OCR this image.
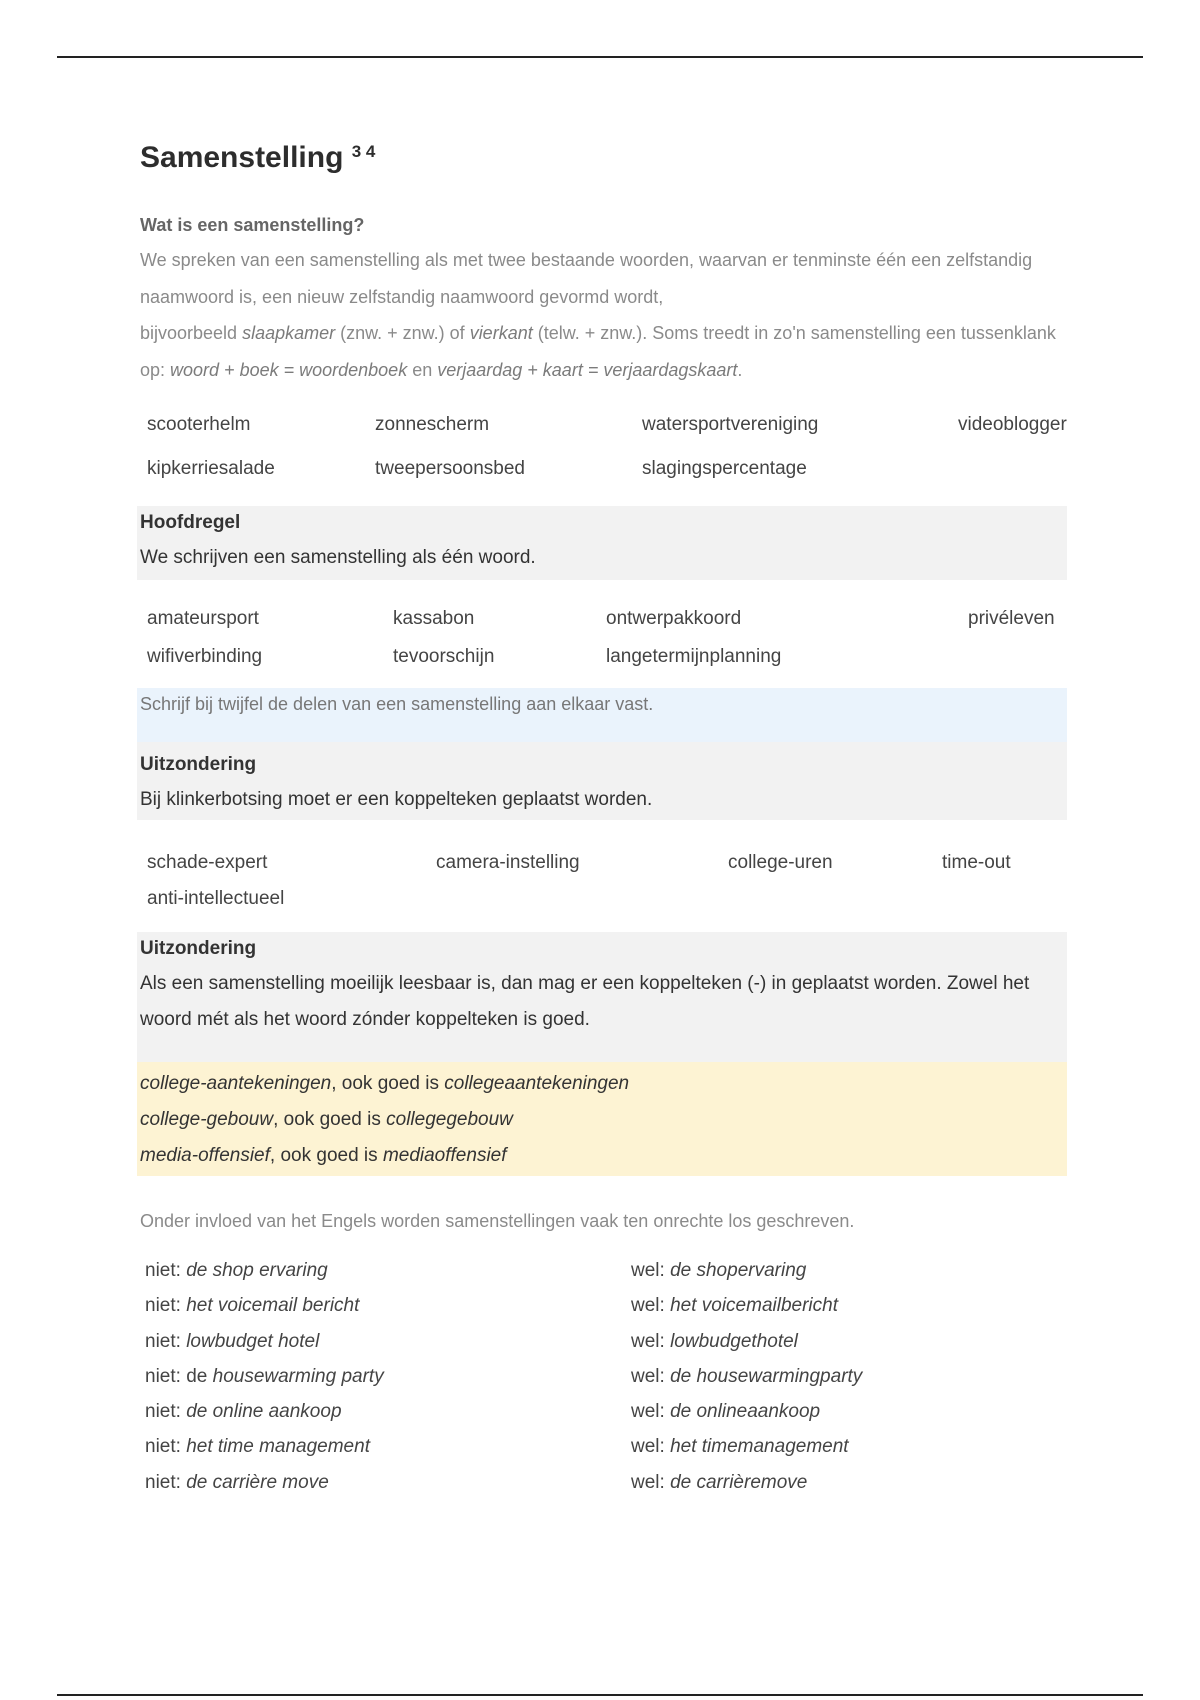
Samenstelling $^{3 4}$
Wat is een samenstelling?
We spreken van een samenstelling als met twee bestaande woorden, waarvan er tenminste één een zelfstandig naamwoord is, een nieuw zelfstandig naamwoord gevormd wordt,
bijvoorbeeld slaapkamer (znw. + znw.) of vierkant (telw. + znw.). Soms treedt in zo'n samenstelling een tussenklank op: woord + boek = woordenboek en verjaardag + kaart = verjaardagskaart.
scooterhelm	zonnescherm	watersportvereniging	videoblogger
kipkerriesalade	tweepersoonsbed	slagingspercentage
Hoofdregel
We schrijven een samenstelling als één woord.
amateursport	kassabon	ontwerpakkoord	privéleven
wifiverbinding	tevoorschijn	langetermijnplanning
Schrijf bij twijfel de delen van een samenstelling aan elkaar vast.
Uitzondering
Bij klinkerbotsing moet er een koppelteken geplaatst worden.
schade-expert	camera-instelling	college-uren	time-out
anti-intellectueel
Uitzondering
Als een samenstelling moeilijk leesbaar is, dan mag er een koppelteken (-) in geplaatst worden. Zowel het woord mét als het woord zónder koppelteken is goed.
college-aantekeningen, ook goed is collegeaantekeningen
college-gebouw, ook goed is collegegebouw
media-offensief, ook goed is mediaoffensief
Onder invloed van het Engels worden samenstellingen vaak ten onrechte los geschreven.
niet: de shop ervaring	wel: de shopervaring
niet: het voicemail bericht	wel: het voicemailbericht
niet: lowbudget hotel	wel: lowbudgethotel
niet: de housewarming party	wel: de housewarmingparty
niet: de online aankoop	wel: de onlineaankoop
niet: het time management	wel: het timemanagement
niet: de carrière move	wel: de carrièremove
